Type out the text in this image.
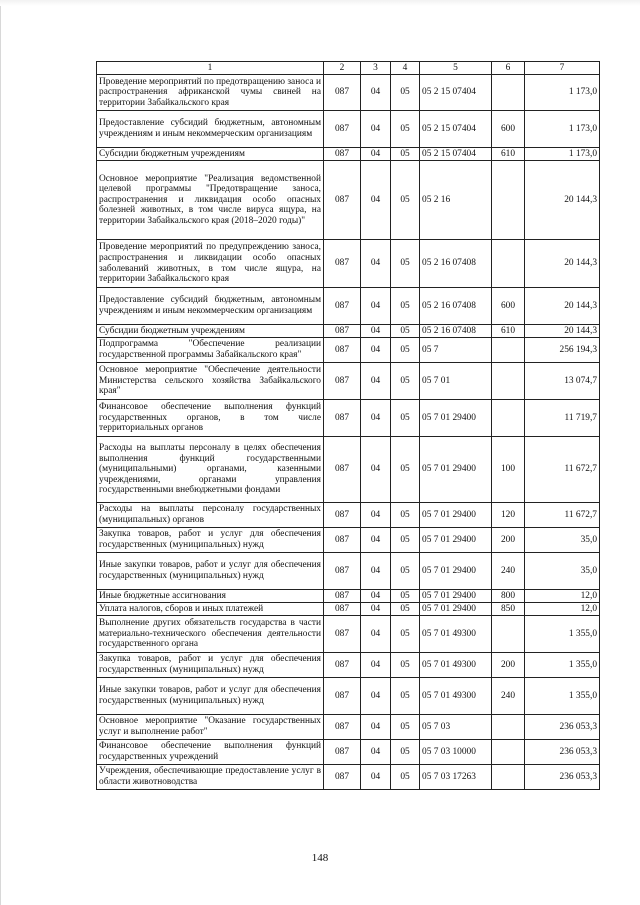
1	2	3	4	5	6	7
Проведение мероприятий по предотвращению заноса и распространения африканской чумы свиней на территории Забайкальского края	087	04	05	05 2 15 07404		1 173,0
Предоставление субсидий бюджетным, автономным учреждениям и иным некоммерческим организациям	087	04	05	05 2 15 07404	600	1 173,0
Субсидии бюджетным учреждениям	087	04	05	05 2 15 07404	610	1 173,0
Основное мероприятие "Реализация ведомственной целевой программы "Предотвращение заноса, распространения и ликвидация особо опасных болезней животных, в том числе вируса ящура, на территории Забайкальского края (2018–2020 годы)"	087	04	05	05 2 16		20 144,3
Проведение мероприятий по предупреждению заноса, распространения и ликвидации особо опасных заболеваний животных, в том числе ящура, на территории Забайкальского края	087	04	05	05 2 16 07408		20 144,3
Предоставление субсидий бюджетным, автономным учреждениям и иным некоммерческим организациям	087	04	05	05 2 16 07408	600	20 144,3
Субсидии бюджетным учреждениям	087	04	05	05 2 16 07408	610	20 144,3
Подпрограмма "Обеспечение реализации государственной программы Забайкальского края"	087	04	05	05 7		256 194,3
Основное мероприятие "Обеспечение деятельности Министерства сельского хозяйства Забайкальского края"	087	04	05	05 7 01		13 074,7
Финансовое обеспечение выполнения функций государственных органов, в том числе территориальных органов	087	04	05	05 7 01 29400		11 719,7
Расходы на выплаты персоналу в целях обеспечения выполнения функций государственными (муниципальными) органами, казенными учреждениями, органами управления государственными внебюджетными фондами	087	04	05	05 7 01 29400	100	11 672,7
Расходы на выплаты персоналу государственных (муниципальных) органов	087	04	05	05 7 01 29400	120	11 672,7
Закупка товаров, работ и услуг для обеспечения государственных (муниципальных) нужд	087	04	05	05 7 01 29400	200	35,0
Иные закупки товаров, работ и услуг для обеспечения государственных (муниципальных) нужд	087	04	05	05 7 01 29400	240	35,0
Иные бюджетные ассигнования	087	04	05	05 7 01 29400	800	12,0
Уплата налогов, сборов и иных платежей	087	04	05	05 7 01 29400	850	12,0
Выполнение других обязательств государства в части материально-технического обеспечения деятельности государственного органа	087	04	05	05 7 01 49300		1 355,0
Закупка товаров, работ и услуг для обеспечения государственных (муниципальных) нужд	087	04	05	05 7 01 49300	200	1 355,0
Иные закупки товаров, работ и услуг для обеспечения государственных (муниципальных) нужд	087	04	05	05 7 01 49300	240	1 355,0
Основное мероприятие "Оказание государственных услуг и выполнение работ"	087	04	05	05 7 03		236 053,3
Финансовое обеспечение выполнения функций государственных учреждений	087	04	05	05 7 03 10000		236 053,3
Учреждения, обеспечивающие предоставление услуг в области животноводства	087	04	05	05 7 03 17263		236 053,3
148
